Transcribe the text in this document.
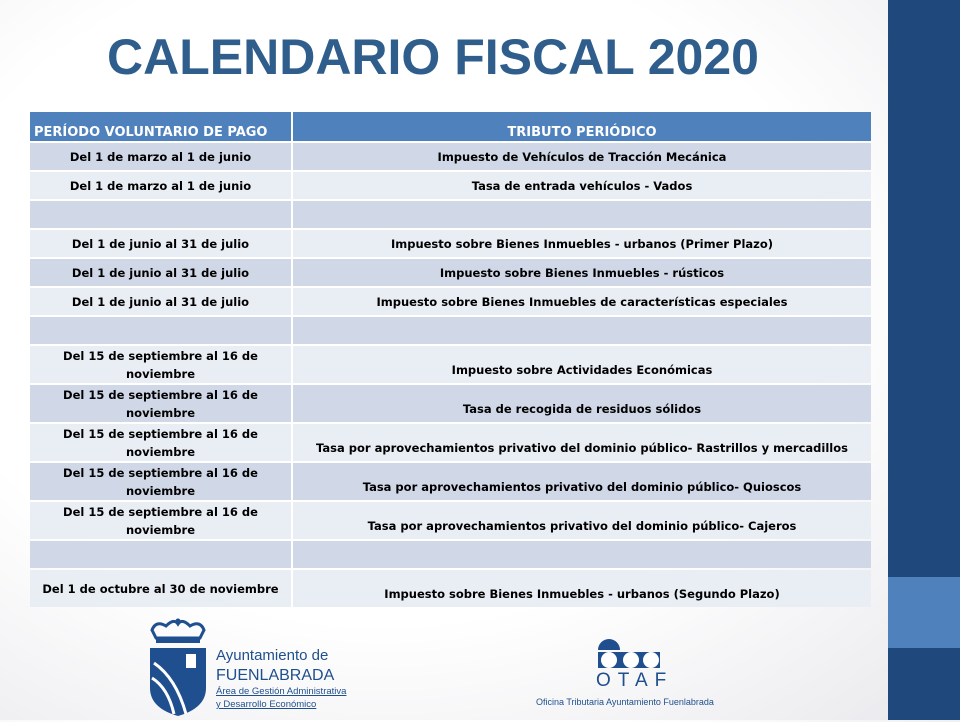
CALENDARIO FISCAL 2020
PERÍODO VOLUNTARIO DE PAGO	TRIBUTO PERIÓDICO
Del 1 de marzo al 1 de junio	Impuesto de Vehículos de Tracción Mecánica
Del 1 de marzo al 1 de junio	Tasa de entrada vehículos - Vados

Del 1 de junio al 31 de julio	Impuesto sobre Bienes Inmuebles - urbanos (Primer Plazo)
Del 1 de junio al 31 de julio	Impuesto sobre Bienes Inmuebles - rústicos
Del 1 de junio al 31 de julio	Impuesto sobre Bienes Inmuebles de características especiales

Del 15 de septiembre al 16 de noviembre	Impuesto sobre Actividades Económicas
Del 15 de septiembre al 16 de noviembre	Tasa de recogida de residuos sólidos
Del 15 de septiembre al 16 de noviembre	Tasa por aprovechamientos privativo del dominio público- Rastrillos y mercadillos
Del 15 de septiembre al 16 de noviembre	Tasa por aprovechamientos privativo del dominio público- Quioscos
Del 15 de septiembre al 16 de noviembre	Tasa por aprovechamientos privativo del dominio público- Cajeros

Del 1 de octubre al 30 de noviembre	Impuesto sobre Bienes Inmuebles - urbanos (Segundo Plazo)
Ayuntamiento de
FUENLABRADA
Área de Gestión Administrativa
y Desarrollo Económico
OTAF
Oficina Tributaria Ayuntamiento Fuenlabrada
